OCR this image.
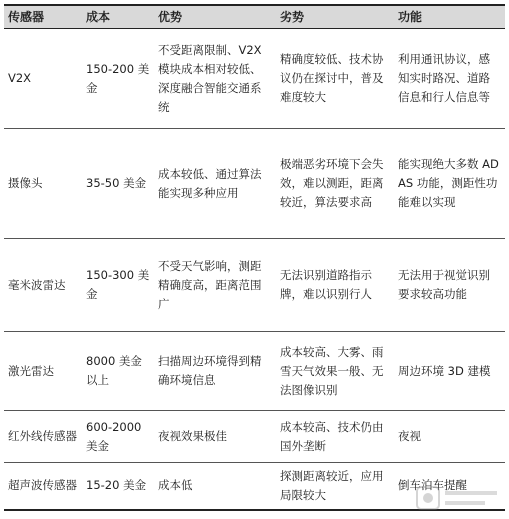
传感器	成本	优势	劣势	功能
V2X	150-200 美金	不受距离限制、V2X 模块成本相对较低、深度融合智能交通系统	精确度较低、技术协议仍在探讨中，普及难度较大	利用通讯协议，感知实时路况、道路信息和行人信息等
摄像头	35-50 美金	成本较低、通过算法能实现多种应用	极端恶劣环境下会失效，难以测距，距离较近，算法要求高	能实现绝大多数 ADAS 功能，测距性功能难以实现
毫米波雷达	150-300 美金	不受天气影响，测距精确度高，距离范围广	无法识别道路指示牌，难以识别行人	无法用于视觉识别要求较高功能
激光雷达	8000 美金以上	扫描周边环境得到精确环境信息	成本较高、大雾、雨雪天气效果一般、无法图像识别	周边环境 3D 建模
红外线传感器	600-2000 美金	夜视效果极佳	成本较高、技术仍由国外垄断	夜视
超声波传感器	15-20 美金	成本低	探测距离较近，应用局限较大	倒车泊车提醒
